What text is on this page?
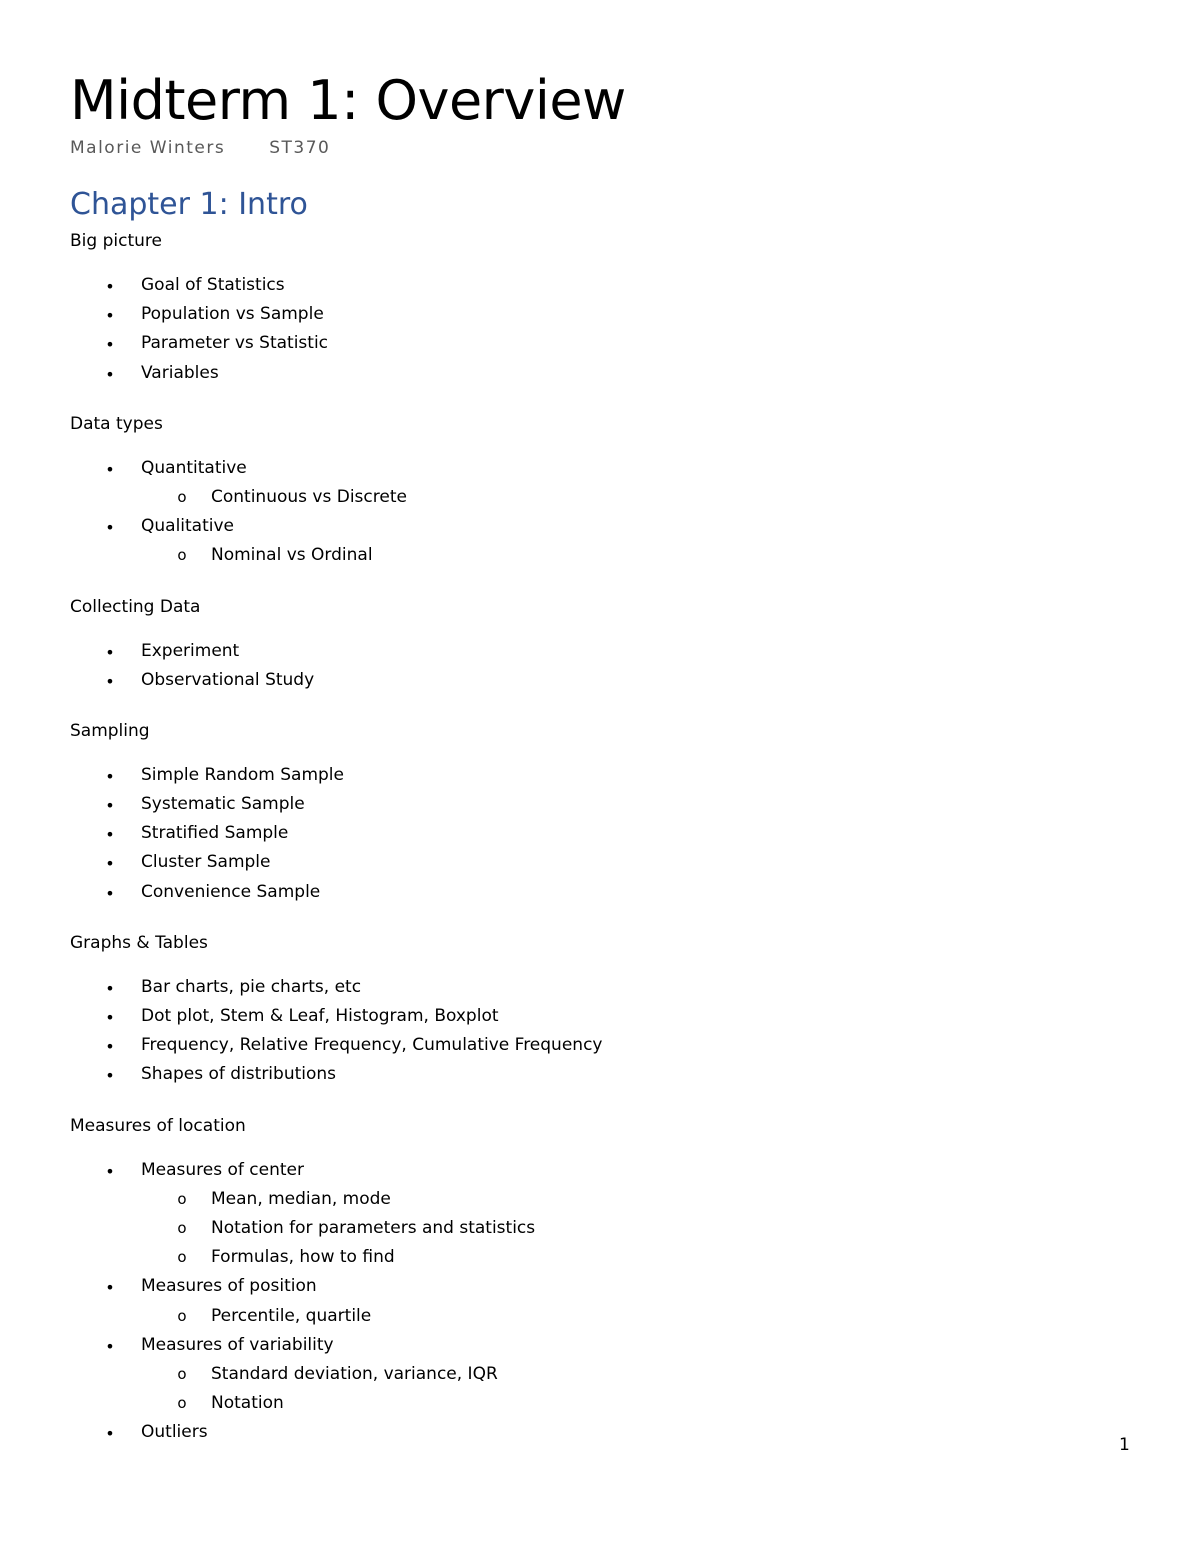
Midterm 1: Overview
Malorie Winters	ST370
Chapter 1: Intro
Big picture
• Goal of Statistics
• Population vs Sample
• Parameter vs Statistic
• Variables
Data types
• Quantitative
o Continuous vs Discrete
• Qualitative
o Nominal vs Ordinal
Collecting Data
• Experiment
• Observational Study
Sampling
• Simple Random Sample
• Systematic Sample
• Stratified Sample
• Cluster Sample
• Convenience Sample
Graphs & Tables
• Bar charts, pie charts, etc
• Dot plot, Stem & Leaf, Histogram, Boxplot
• Frequency, Relative Frequency, Cumulative Frequency
• Shapes of distributions
Measures of location
• Measures of center
o Mean, median, mode
o Notation for parameters and statistics
o Formulas, how to find
• Measures of position
o Percentile, quartile
• Measures of variability
o Standard deviation, variance, IQR
o Notation
• Outliers
1
